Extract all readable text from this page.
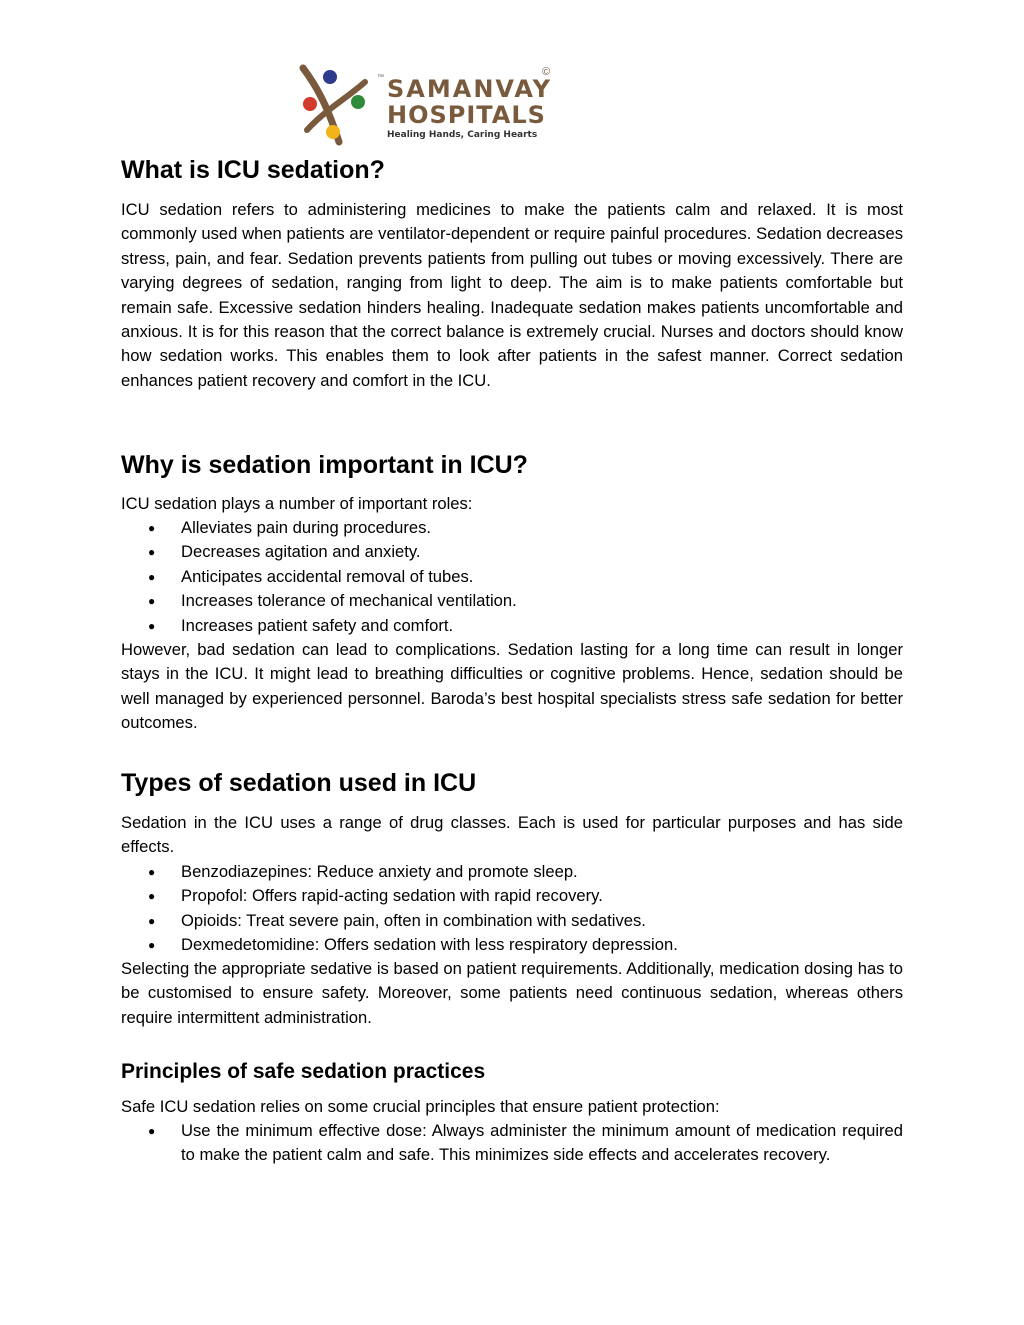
™ SAMANVAY
HOSPITALS
Healing Hands, Caring Hearts
©
What is ICU sedation?

ICU sedation refers to administering medicines to make the patients calm and relaxed. It is most commonly used when patients are ventilator-dependent or require painful procedures. Sedation decreases stress, pain, and fear. Sedation prevents patients from pulling out tubes or moving excessively. There are varying degrees of sedation, ranging from light to deep. The aim is to make patients comfortable but remain safe. Excessive sedation hinders healing. Inadequate sedation makes patients uncomfortable and anxious. It is for this reason that the correct balance is extremely crucial. Nurses and doctors should know how sedation works. This enables them to look after patients in the safest manner. Correct sedation enhances patient recovery and comfort in the ICU.

Why is sedation important in ICU?

ICU sedation plays a number of important roles:

● Alleviates pain during procedures.
● Decreases agitation and anxiety.
● Anticipates accidental removal of tubes.
● Increases tolerance of mechanical ventilation.
● Increases patient safety and comfort.

However, bad sedation can lead to complications. Sedation lasting for a long time can result in longer stays in the ICU. It might lead to breathing difficulties or cognitive problems. Hence, sedation should be well managed by experienced personnel. Baroda’s best hospital specialists stress safe sedation for better outcomes.

Types of sedation used in ICU

Sedation in the ICU uses a range of drug classes. Each is used for particular purposes and has side effects.

● Benzodiazepines: Reduce anxiety and promote sleep.
● Propofol: Offers rapid-acting sedation with rapid recovery.
● Opioids: Treat severe pain, often in combination with sedatives.
● Dexmedetomidine: Offers sedation with less respiratory depression.

Selecting the appropriate sedative is based on patient requirements. Additionally, medication dosing has to be customised to ensure safety. Moreover, some patients need continuous sedation, whereas others require intermittent administration.

Principles of safe sedation practices

Safe ICU sedation relies on some crucial principles that ensure patient protection:

● Use the minimum effective dose: Always administer the minimum amount of medication required to make the patient calm and safe. This minimizes side effects and accelerates recovery.
